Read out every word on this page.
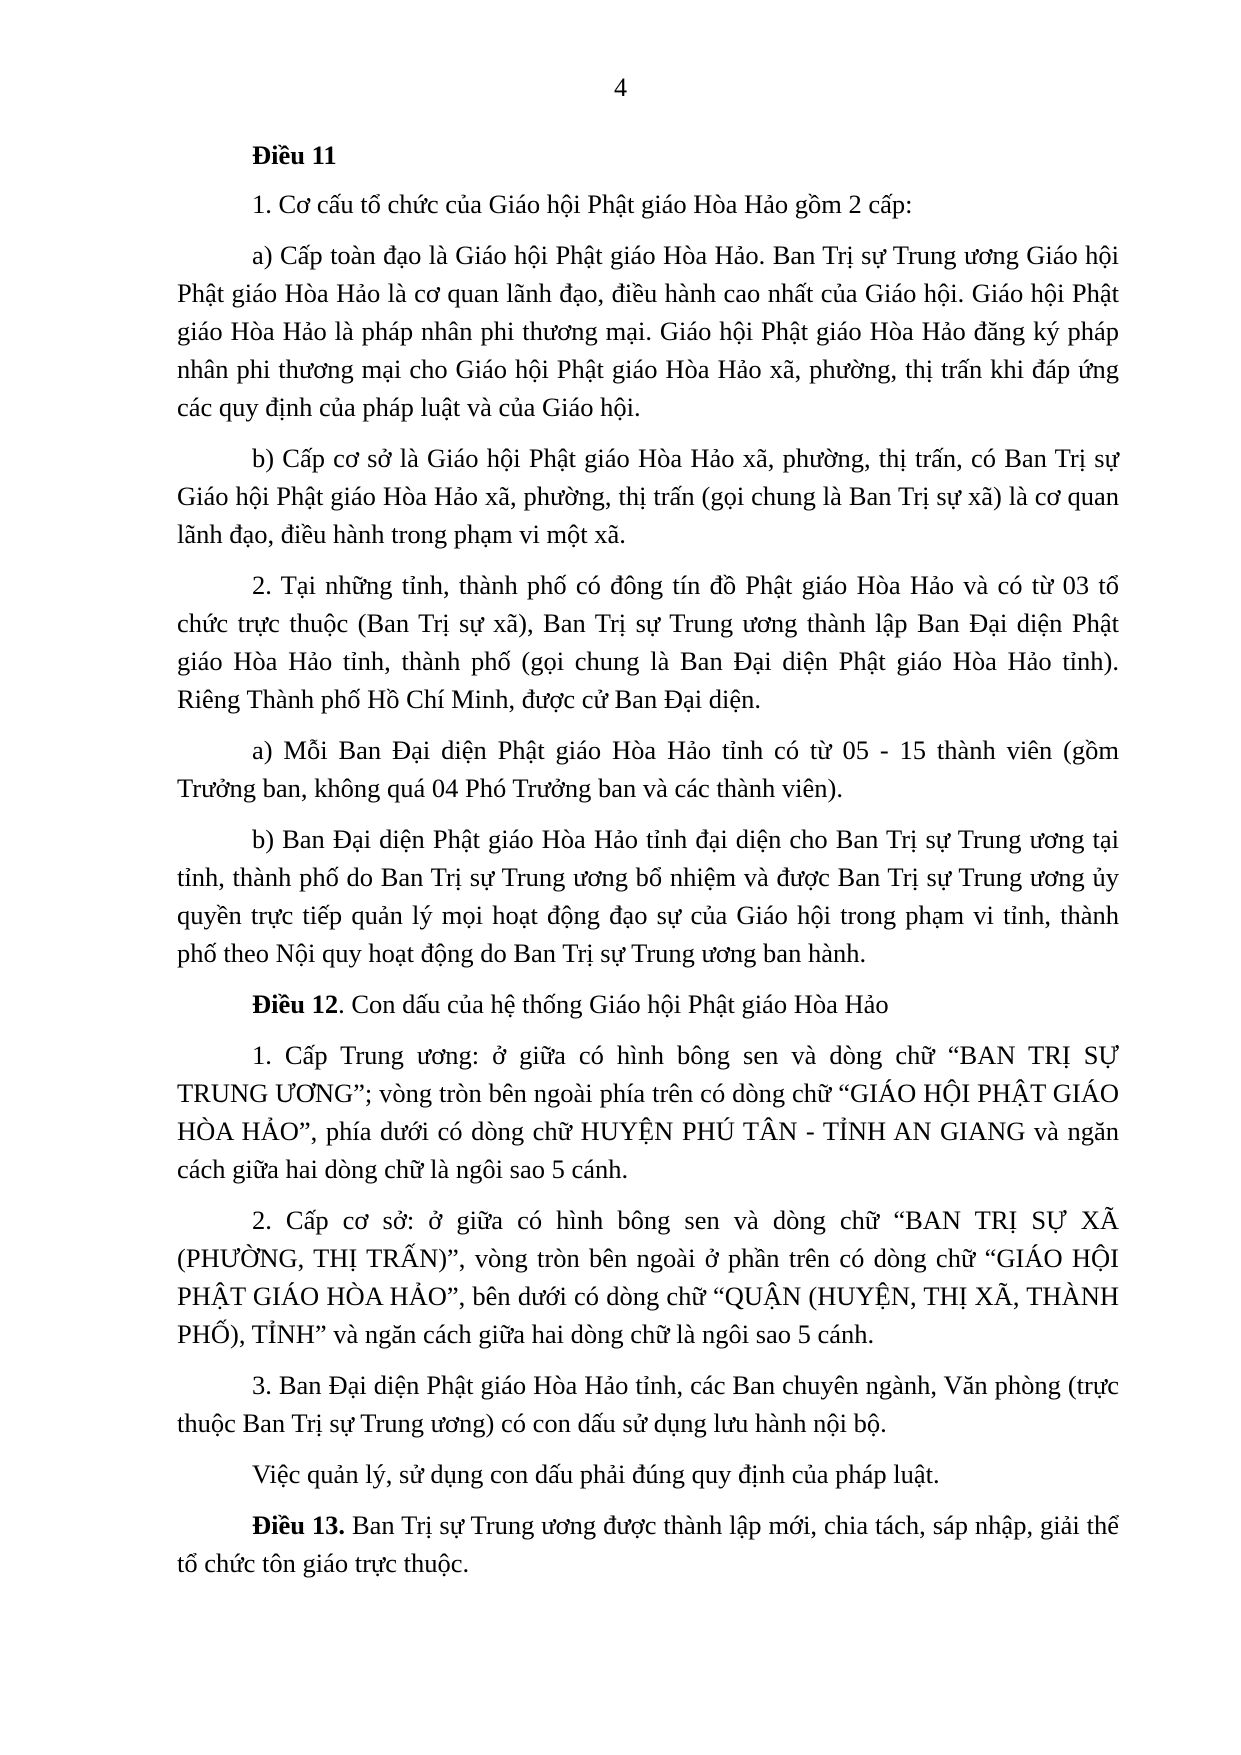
4

Điều 11

1. Cơ cấu tổ chức của Giáo hội Phật giáo Hòa Hảo gồm 2 cấp:

a) Cấp toàn đạo là Giáo hội Phật giáo Hòa Hảo. Ban Trị sự Trung ương Giáo hội Phật giáo Hòa Hảo là cơ quan lãnh đạo, điều hành cao nhất của Giáo hội. Giáo hội Phật giáo Hòa Hảo là pháp nhân phi thương mại. Giáo hội Phật giáo Hòa Hảo đăng ký pháp nhân phi thương mại cho Giáo hội Phật giáo Hòa Hảo xã, phường, thị trấn khi đáp ứng các quy định của pháp luật và của Giáo hội.

b) Cấp cơ sở là Giáo hội Phật giáo Hòa Hảo xã, phường, thị trấn, có Ban Trị sự Giáo hội Phật giáo Hòa Hảo xã, phường, thị trấn (gọi chung là Ban Trị sự xã) là cơ quan lãnh đạo, điều hành trong phạm vi một xã.

2. Tại những tỉnh, thành phố có đông tín đồ Phật giáo Hòa Hảo và có từ 03 tổ chức trực thuộc (Ban Trị sự xã), Ban Trị sự Trung ương thành lập Ban Đại diện Phật giáo Hòa Hảo tỉnh, thành phố (gọi chung là Ban Đại diện Phật giáo Hòa Hảo tỉnh). Riêng Thành phố Hồ Chí Minh, được cử Ban Đại diện.

a) Mỗi Ban Đại diện Phật giáo Hòa Hảo tỉnh có từ 05 - 15 thành viên (gồm Trưởng ban, không quá 04 Phó Trưởng ban và các thành viên).

b) Ban Đại diện Phật giáo Hòa Hảo tỉnh đại diện cho Ban Trị sự Trung ương tại tỉnh, thành phố do Ban Trị sự Trung ương bổ nhiệm và được Ban Trị sự Trung ương ủy quyền trực tiếp quản lý mọi hoạt động đạo sự của Giáo hội trong phạm vi tỉnh, thành phố theo Nội quy hoạt động do Ban Trị sự Trung ương ban hành.

Điều 12. Con dấu của hệ thống Giáo hội Phật giáo Hòa Hảo

1. Cấp Trung ương: ở giữa có hình bông sen và dòng chữ “BAN TRỊ SỰ TRUNG ƯƠNG”; vòng tròn bên ngoài phía trên có dòng chữ “GIÁO HỘI PHẬT GIÁO HÒA HẢO”, phía dưới có dòng chữ HUYỆN PHÚ TÂN - TỈNH AN GIANG và ngăn cách giữa hai dòng chữ là ngôi sao 5 cánh.

2. Cấp cơ sở: ở giữa có hình bông sen và dòng chữ “BAN TRỊ SỰ XÃ (PHƯỜNG, THỊ TRẤN)”, vòng tròn bên ngoài ở phần trên có dòng chữ “GIÁO HỘI PHẬT GIÁO HÒA HẢO”, bên dưới có dòng chữ “QUẬN (HUYỆN, THỊ XÃ, THÀNH PHỐ), TỈNH” và ngăn cách giữa hai dòng chữ là ngôi sao 5 cánh.

3. Ban Đại diện Phật giáo Hòa Hảo tỉnh, các Ban chuyên ngành, Văn phòng (trực thuộc Ban Trị sự Trung ương) có con dấu sử dụng lưu hành nội bộ.

Việc quản lý, sử dụng con dấu phải đúng quy định của pháp luật.

Điều 13. Ban Trị sự Trung ương được thành lập mới, chia tách, sáp nhập, giải thể tổ chức tôn giáo trực thuộc.
